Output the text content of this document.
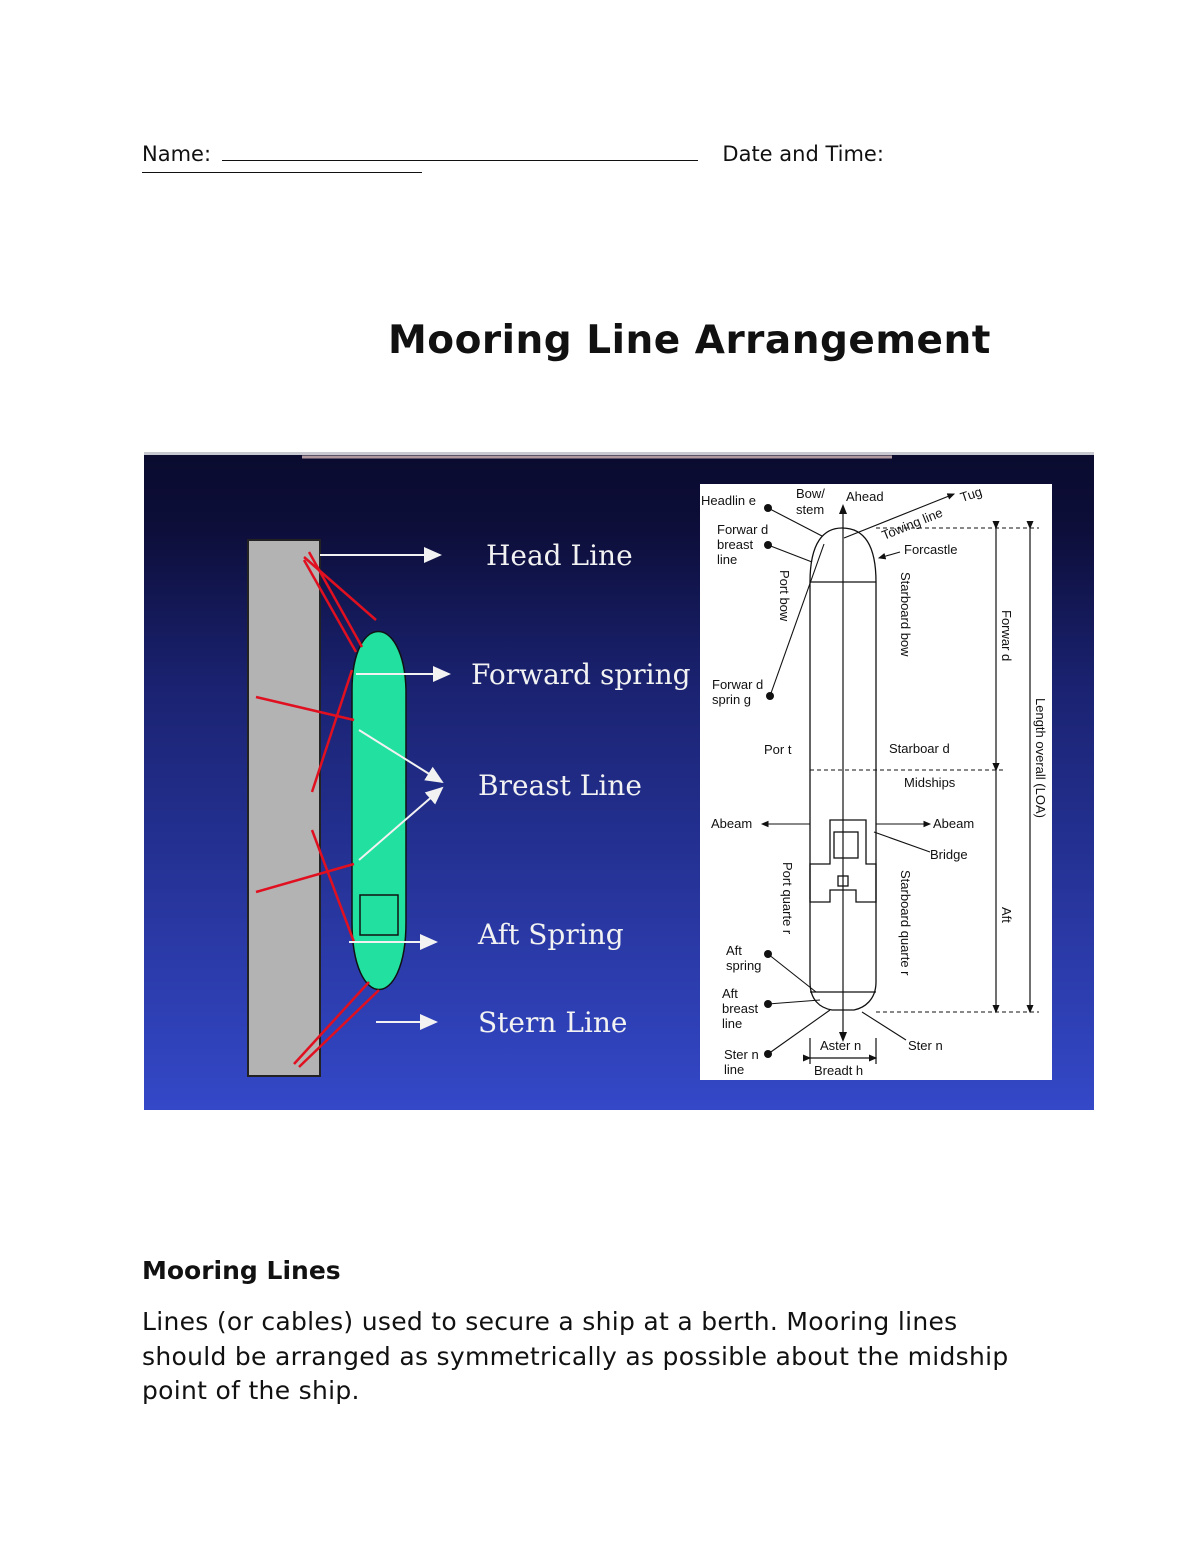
Name:	Date and Time:
Mooring Line Arrangement
Head Line
Forward spring
Breast Line
Aft Spring
Stern Line
Headlin e	Bow/
stem
Ahead	Tug
Towing line
Forwar d
breast
line
Forcastle
Port bow	Starboard bow	Forwar d
Length overall (LOA)
Forwar d
sprin g
Por t	Starboar d
Midships
Abeam	Abeam
Bridge
Port quarte r	Starboard quarte r	Aft
Aft
spring
Aft
breast
line
Ster n
line
Aster n	Ster n
Breadt h
Mooring Lines

Lines (or cables) used to secure a ship at a berth. Mooring lines should be arranged as symmetrically as possible about the midship point of the ship.
